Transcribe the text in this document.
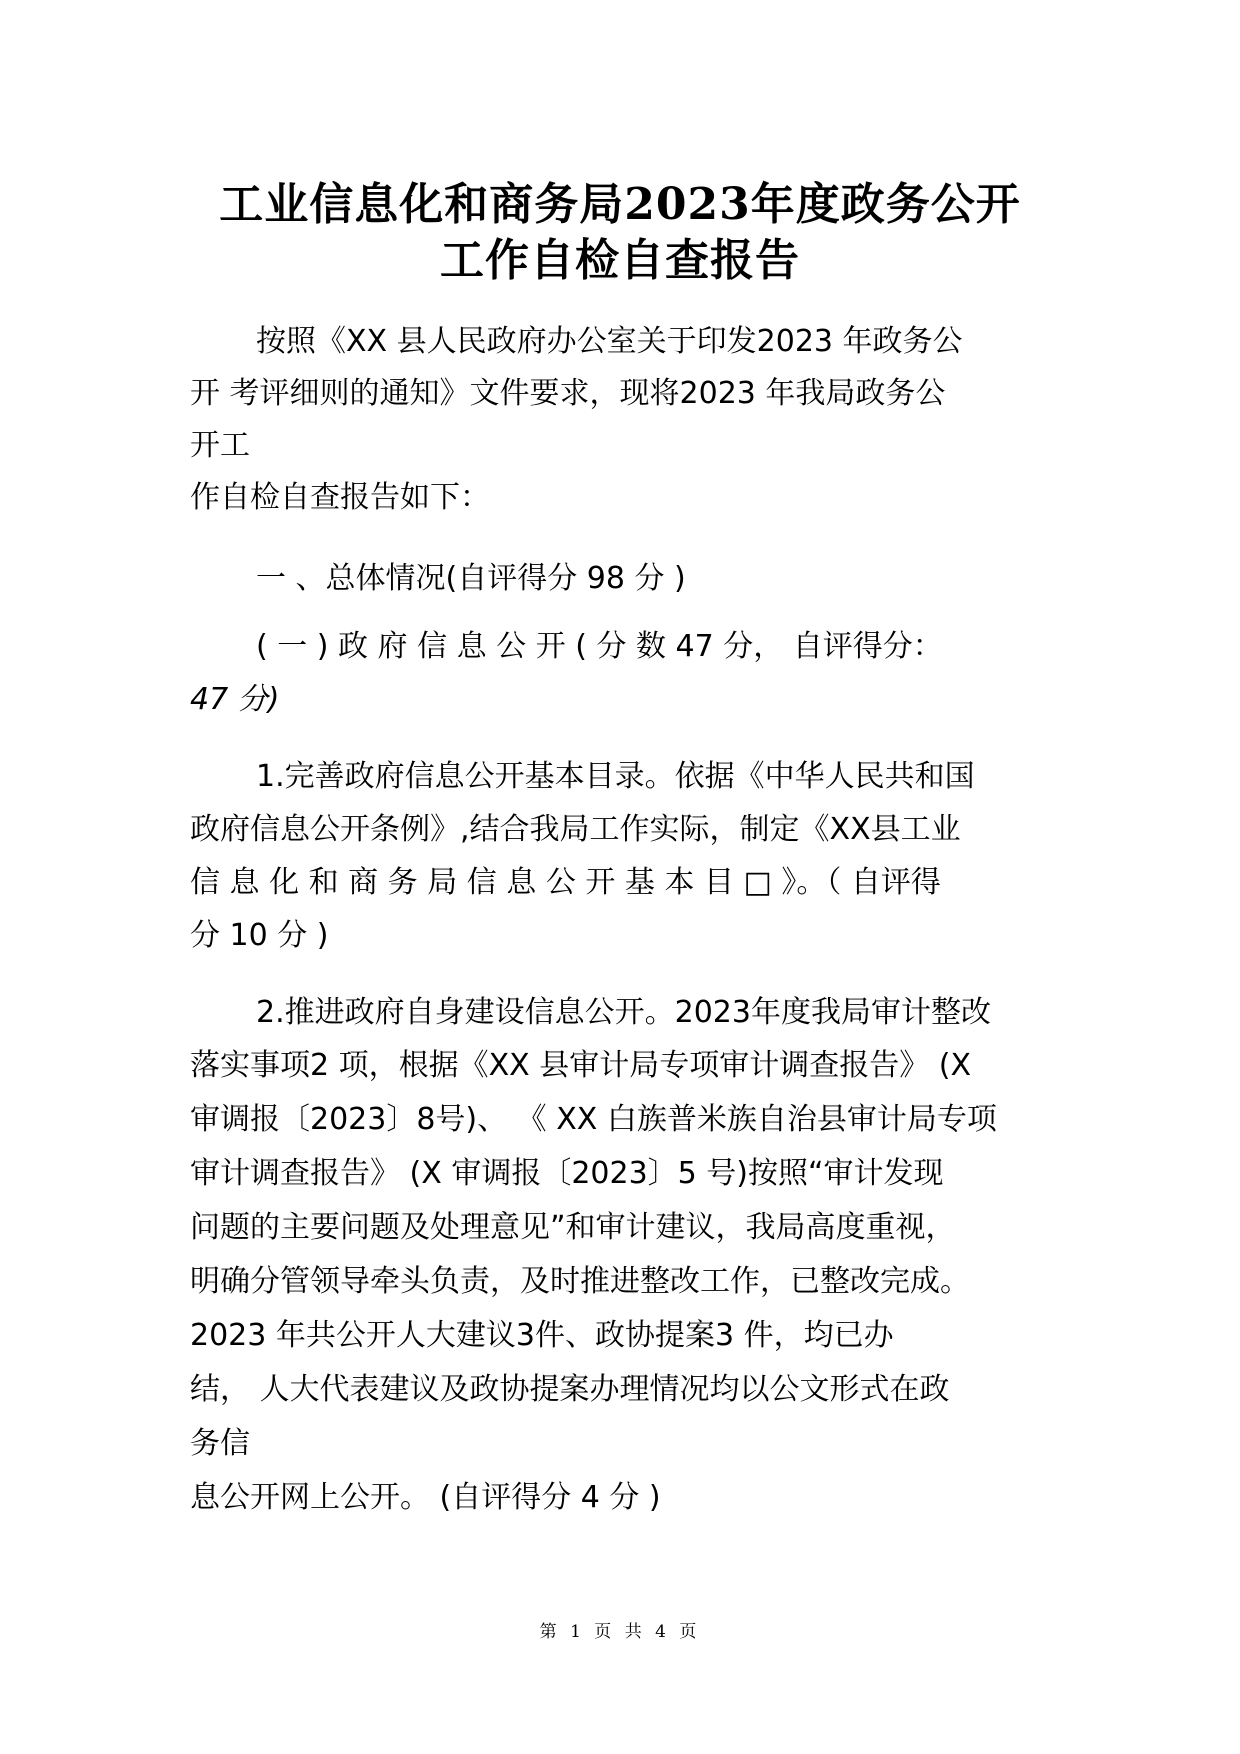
工业信息化和商务局2023年度政务公开
工作自检自查报告
按照《XX 县人民政府办公室关于印发2023 年政务公
开 考评细则的通知》文件要求，现将2023 年我局政务公
开工
作自检自查报告如下：
一 、总体情况(自评得分 98 分 )
( 一 ) 政 府 信 息 公 开 ( 分 数 47 分， 自评得分：
47 分)
1.完善政府信息公开基本目录。依据《中华人民共和国
政府信息公开条例》,结合我局工作实际，制定《XX县工业
信 息 化 和 商 务 局 信 息 公 开 基 本 目 □ 》。（ 自评得
分 10 分 )
2.推进政府自身建设信息公开。2023年度我局审计整改
落实事项2 项，根据《XX 县审计局专项审计调查报告》 (X
审调报〔2023〕8号)、 《 XX 白族普米族自治县审计局专项
审计调查报告》 (X 审调报〔2023〕5 号)按照“审计发现
问题的主要问题及处理意见”和审计建议，我局高度重视，
明确分管领导牵头负责，及时推进整改工作，已整改完成。
2023 年共公开人大建议3件、政协提案3 件，均已办
结， 人大代表建议及政协提案办理情况均以公文形式在政
务信
息公开网上公开。 (自评得分 4 分 )
第 1 页 共 4 页
